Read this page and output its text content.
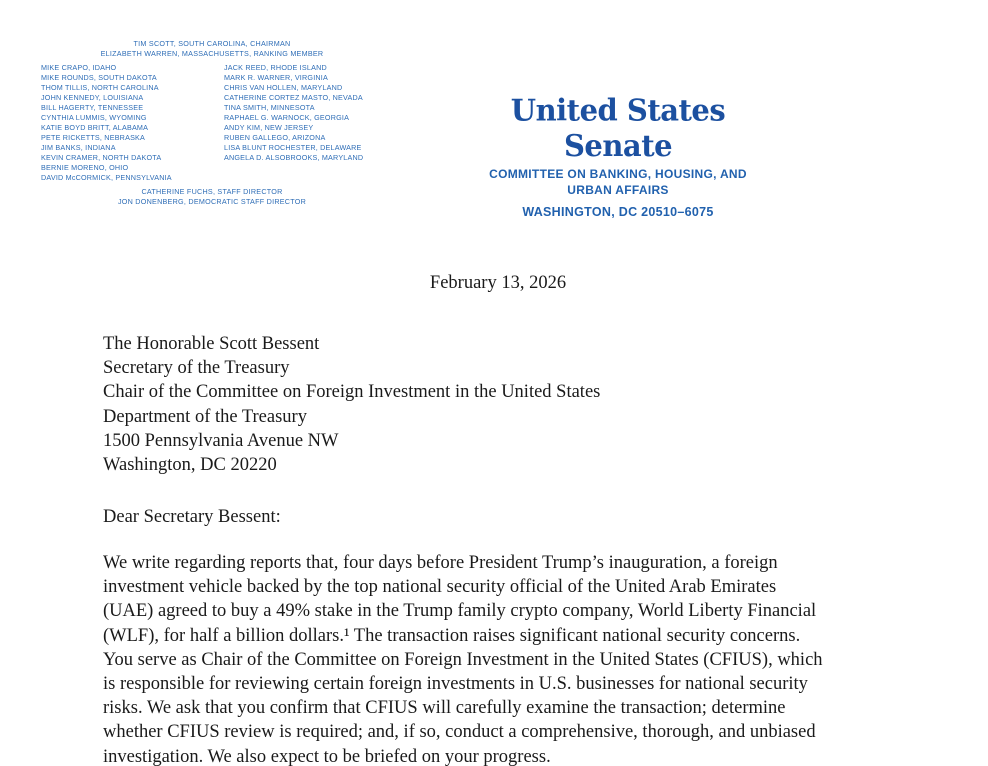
TIM SCOTT, SOUTH CAROLINA, CHAIRMAN
ELIZABETH WARREN, MASSACHUSETTS, RANKING MEMBER
MIKE CRAPO, IDAHO
MIKE ROUNDS, SOUTH DAKOTA
THOM TILLIS, NORTH CAROLINA
JOHN KENNEDY, LOUISIANA
BILL HAGERTY, TENNESSEE
CYNTHIA LUMMIS, WYOMING
KATIE BOYD BRITT, ALABAMA
PETE RICKETTS, NEBRASKA
JIM BANKS, INDIANA
KEVIN CRAMER, NORTH DAKOTA
BERNIE MORENO, OHIO
DAVID McCORMICK, PENNSYLVANIA
JACK REED, RHODE ISLAND
MARK R. WARNER, VIRGINIA
CHRIS VAN HOLLEN, MARYLAND
CATHERINE CORTEZ MASTO, NEVADA
TINA SMITH, MINNESOTA
RAPHAEL G. WARNOCK, GEORGIA
ANDY KIM, NEW JERSEY
RUBEN GALLEGO, ARIZONA
LISA BLUNT ROCHESTER, DELAWARE
ANGELA D. ALSOBROOKS, MARYLAND
CATHERINE FUCHS, STAFF DIRECTOR
JON DONENBERG, DEMOCRATIC STAFF DIRECTOR
United States Senate
COMMITTEE ON BANKING, HOUSING, AND
URBAN AFFAIRS
WASHINGTON, DC 20510–6075
February 13, 2026
The Honorable Scott Bessent
Secretary of the Treasury
Chair of the Committee on Foreign Investment in the United States
Department of the Treasury
1500 Pennsylvania Avenue NW
Washington, DC 20220
Dear Secretary Bessent:
We write regarding reports that, four days before President Trump’s inauguration, a foreign
investment vehicle backed by the top national security official of the United Arab Emirates
(UAE) agreed to buy a 49% stake in the Trump family crypto company, World Liberty Financial
(WLF), for half a billion dollars.¹ The transaction raises significant national security concerns.
You serve as Chair of the Committee on Foreign Investment in the United States (CFIUS), which
is responsible for reviewing certain foreign investments in U.S. businesses for national security
risks. We ask that you confirm that CFIUS will carefully examine the transaction; determine
whether CFIUS review is required; and, if so, conduct a comprehensive, thorough, and unbiased
investigation. We also expect to be briefed on your progress.
